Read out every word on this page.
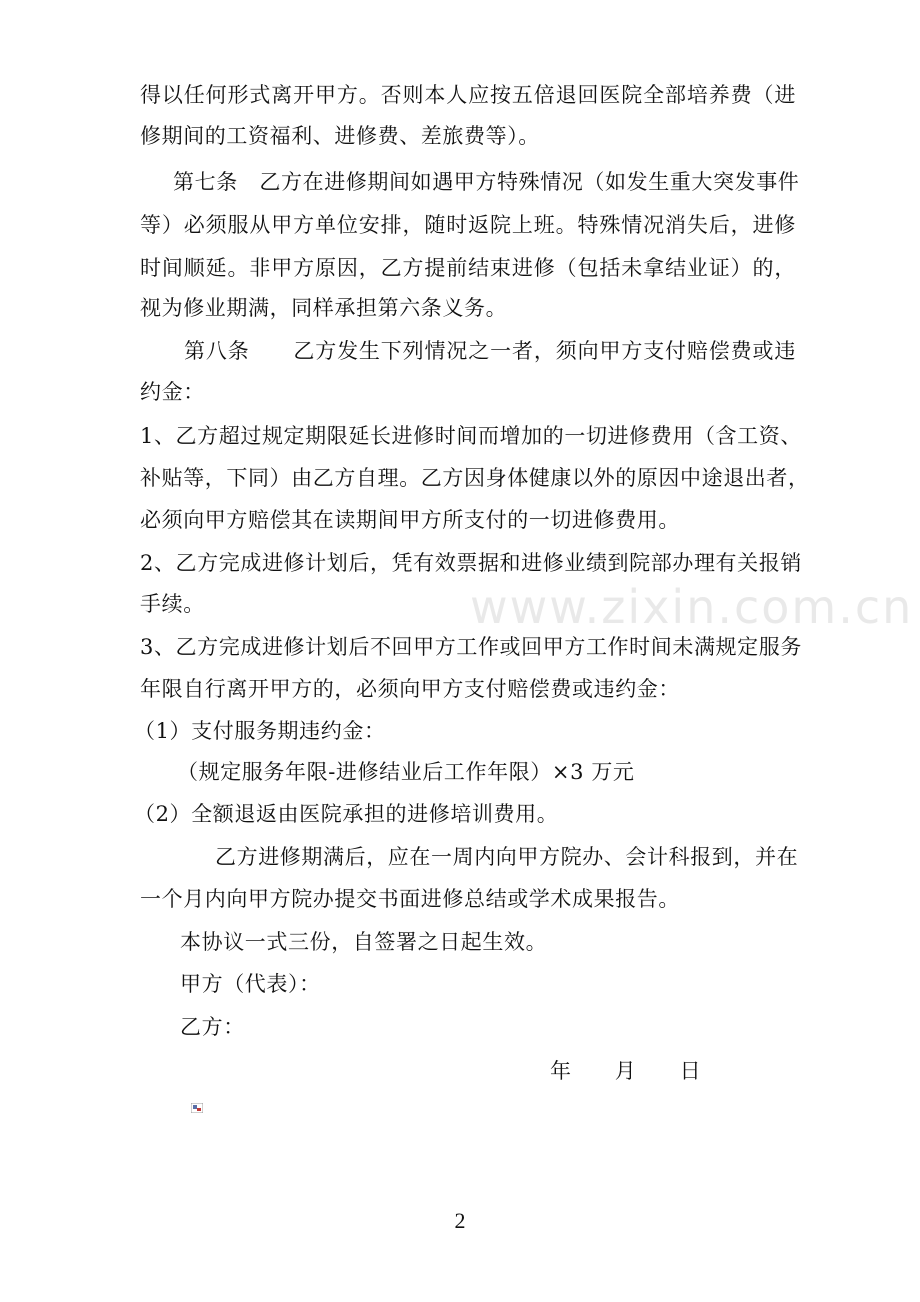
www.zixin.com.cn
得以任何形式离开甲方。否则本人应按五倍退回医院全部培养费（进
修期间的工资福利、进修费、差旅费等）。
第七条　乙方在进修期间如遇甲方特殊情况（如发生重大突发事件
等）必须服从甲方单位安排，随时返院上班。特殊情况消失后，进修
时间顺延。非甲方原因，乙方提前结束进修（包括未拿结业证）的，
视为修业期满，同样承担第六条义务。
第八条　　乙方发生下列情况之一者，须向甲方支付赔偿费或违
约金：
1、乙方超过规定期限延长进修时间而增加的一切进修费用（含工资、
补贴等，下同）由乙方自理。乙方因身体健康以外的原因中途退出者，
必须向甲方赔偿其在读期间甲方所支付的一切进修费用。
2、乙方完成进修计划后，凭有效票据和进修业绩到院部办理有关报销
手续。
3、乙方完成进修计划后不回甲方工作或回甲方工作时间未满规定服务
年限自行离开甲方的，必须向甲方支付赔偿费或违约金：
（1）支付服务期违约金：
（规定服务年限-进修结业后工作年限）×3 万元
（2）全额退返由医院承担的进修培训费用。
乙方进修期满后，应在一周内向甲方院办、会计科报到，并在
一个月内向甲方院办提交书面进修总结或学术成果报告。
本协议一式三份，自签署之日起生效。
甲方（代表）：
乙方：
年　　月　　日
2
